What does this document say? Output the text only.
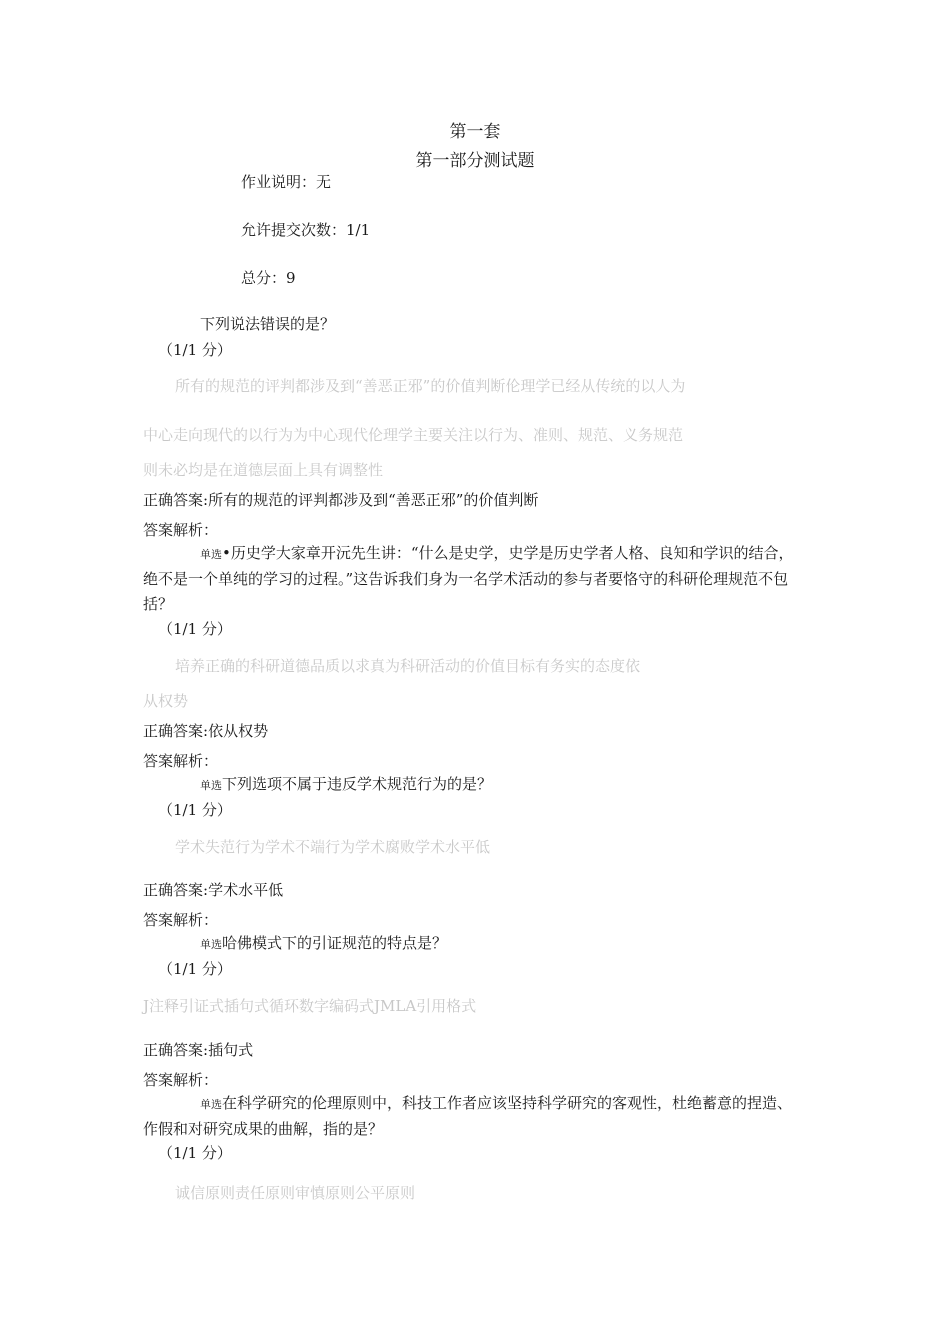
第一套
第一部分测试题
作业说明：无
允许提交次数：1/1
总分：9
下列说法错误的是？
（1/1 分）
所有的规范的评判都涉及到“善恶正邪”的价值判断伦理学已经从传统的以人为
中心走向现代的以行为为中心现代伦理学主要关注以行为、准则、规范、义务规范
则未必均是在道德层面上具有调整性
正确答案:所有的规范的评判都涉及到“善恶正邪”的价值判断
答案解析：
单选•历史学大家章开沅先生讲：“什么是史学，史学是历史学者人格、良知和学识的结合，绝不是一个单纯的学习的过程。”这告诉我们身为一名学术活动的参与者要恪守的科研伦理规范不包括？
（1/1 分）
培养正确的科研道德品质以求真为科研活动的价值目标有务实的态度依
从权势
正确答案:依从权势
答案解析：
单选下列选项不属于违反学术规范行为的是？
（1/1 分）
学术失范行为学术不端行为学术腐败学术水平低
正确答案:学术水平低
答案解析：
单选哈佛模式下的引证规范的特点是？
（1/1 分）
J注释引证式插句式循环数字编码式JMLA引用格式
正确答案:插句式
答案解析：
单选在科学研究的伦理原则中，科技工作者应该坚持科学研究的客观性，杜绝蓄意的捏造、作假和对研究成果的曲解，指的是？
（1/1 分）
诚信原则责任原则审慎原则公平原则
